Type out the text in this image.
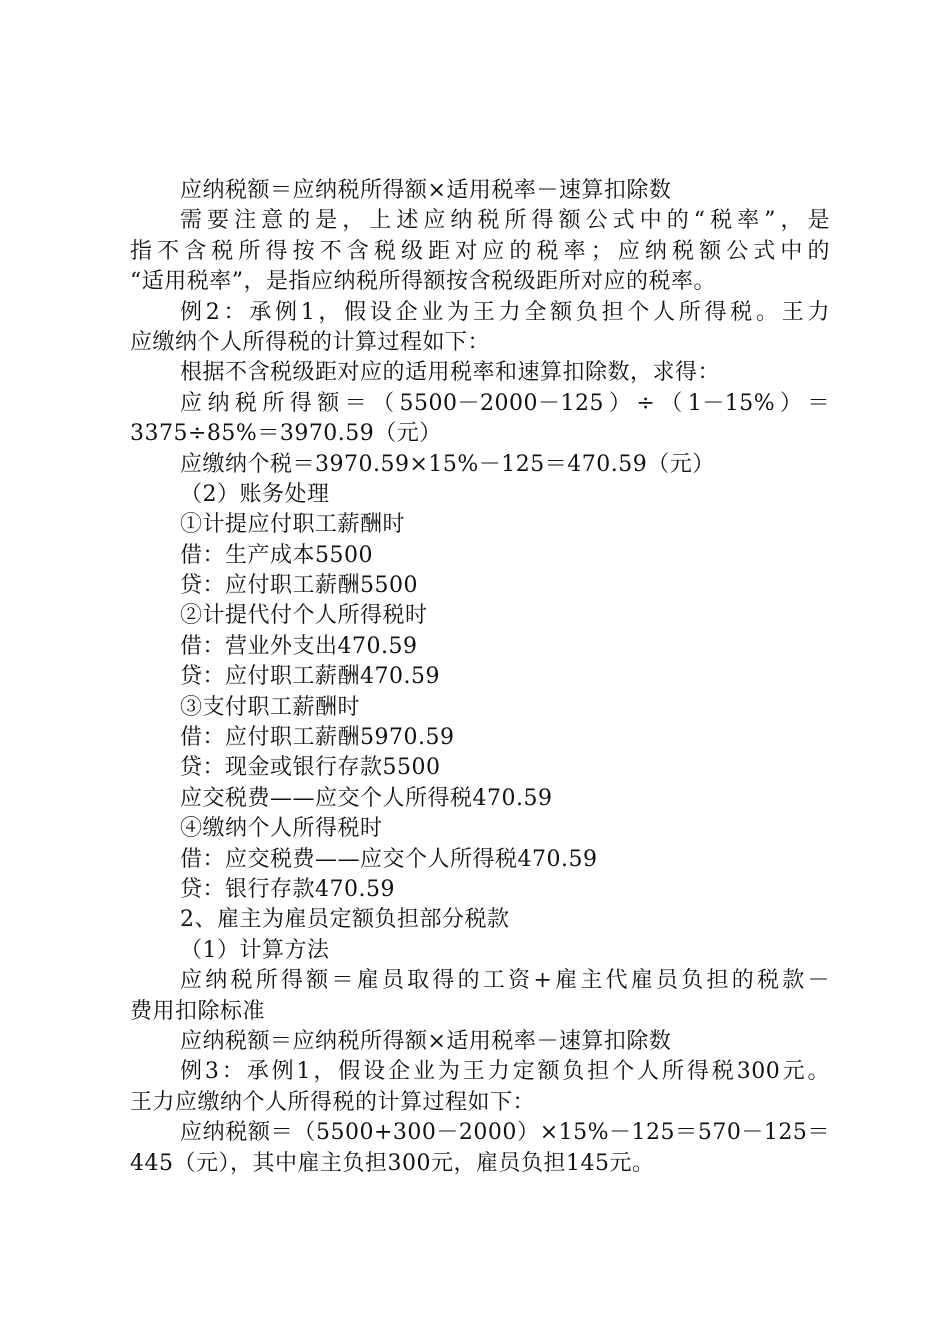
应纳税额＝应纳税所得额×适用税率－速算扣除数
需要注意的是，上述应纳税所得额公式中的“税率”，是
指不含税所得按不含税级距对应的税率；应纳税额公式中的
“适用税率”，是指应纳税所得额按含税级距所对应的税率。
例2：承例1，假设企业为王力全额负担个人所得税。王力
应缴纳个人所得税的计算过程如下：
根据不含税级距对应的适用税率和速算扣除数，求得：
应纳税所得额＝（5500－2000－125）÷（1－15%）＝
3375÷85%＝3970.59（元）
应缴纳个税＝3970.59×15%－125＝470.59（元）
（2）账务处理
①计提应付职工薪酬时
借：生产成本5500
贷：应付职工薪酬5500
②计提代付个人所得税时
借：营业外支出470.59
贷：应付职工薪酬470.59
③支付职工薪酬时
借：应付职工薪酬5970.59
贷：现金或银行存款5500
应交税费——应交个人所得税470.59
④缴纳个人所得税时
借：应交税费——应交个人所得税470.59
贷：银行存款470.59
2、雇主为雇员定额负担部分税款
（1）计算方法
应纳税所得额＝雇员取得的工资+雇主代雇员负担的税款－
费用扣除标准
应纳税额＝应纳税所得额×适用税率－速算扣除数
例3：承例1，假设企业为王力定额负担个人所得税300元。
王力应缴纳个人所得税的计算过程如下：
应纳税额＝（5500+300－2000）×15%－125＝570－125＝
445（元），其中雇主负担300元，雇员负担145元。
